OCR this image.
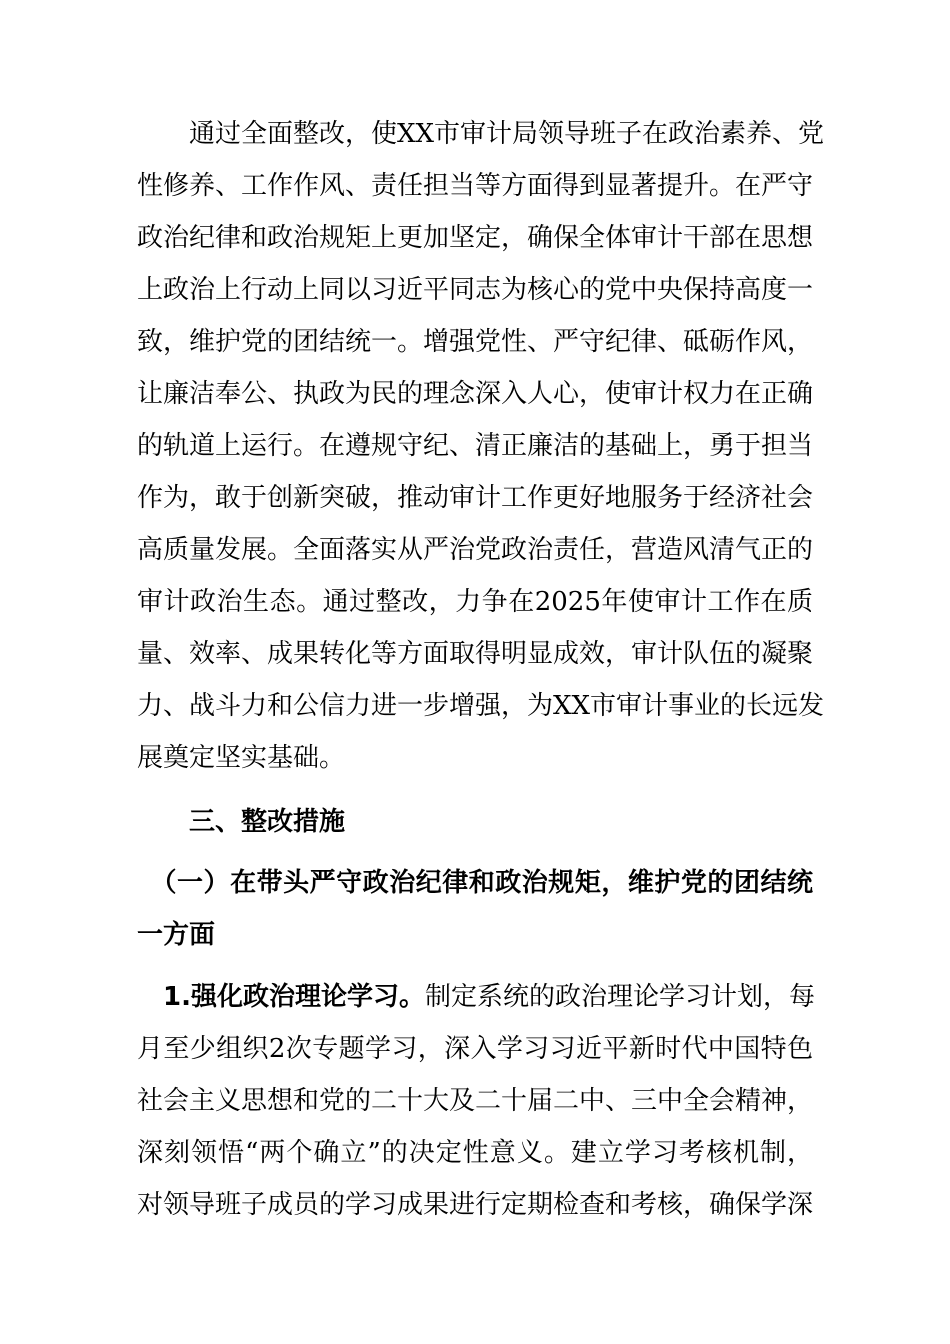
　　通过全面整改，使XX市审计局领导班子在政治素养、党
性修养、工作作风、责任担当等方面得到显著提升。在严守
政治纪律和政治规矩上更加坚定，确保全体审计干部在思想
上政治上行动上同以习近平同志为核心的党中央保持高度一
致，维护党的团结统一。增强党性、严守纪律、砥砺作风，
让廉洁奉公、执政为民的理念深入人心，使审计权力在正确
的轨道上运行。在遵规守纪、清正廉洁的基础上，勇于担当
作为，敢于创新突破，推动审计工作更好地服务于经济社会
高质量发展。全面落实从严治党政治责任，营造风清气正的
审计政治生态。通过整改，力争在2025年使审计工作在质
量、效率、成果转化等方面取得明显成效，审计队伍的凝聚
力、战斗力和公信力进一步增强，为XX市审计事业的长远发
展奠定坚实基础。
　　三、整改措施
　（一）在带头严守政治纪律和政治规矩，维护党的团结统
一方面
　1.强化政治理论学习。制定系统的政治理论学习计划，每
月至少组织2次专题学习，深入学习习近平新时代中国特色
社会主义思想和党的二十大及二十届二中、三中全会精神，
深刻领悟“两个确立”的决定性意义。建立学习考核机制，
对领导班子成员的学习成果进行定期检查和考核，确保学深
